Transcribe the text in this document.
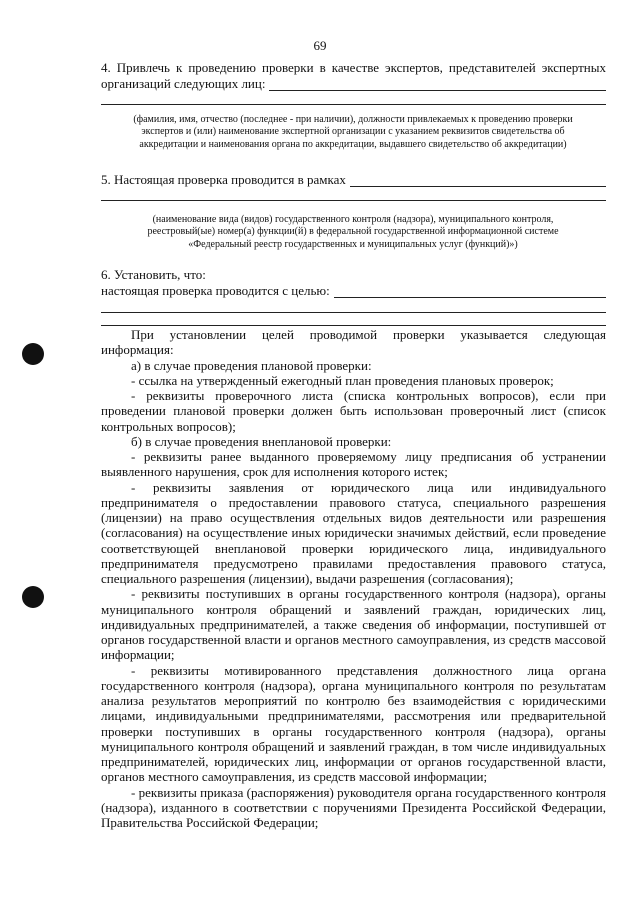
69
4. Привлечь к проведению проверки в качестве экспертов, представителей экспертных
организаций следующих лиц:
(фамилия, имя, отчество (последнее - при наличии), должности привлекаемых к проведению проверки экспертов и (или) наименование экспертной организации с указанием реквизитов свидетельства об аккредитации и наименования органа по аккредитации, выдавшего свидетельство об аккредитации)
5. Настоящая проверка проводится в рамках
(наименование вида (видов) государственного контроля (надзора), муниципального контроля, реестровый(ые) номер(а) функции(й) в федеральной государственной информационной системе «Федеральный реестр государственных и муниципальных услуг (функций)»)
6. Установить, что:
настоящая проверка проводится с целью:

При установлении целей проводимой проверки указывается следующая информация:

а) в случае проведения плановой проверки:

- ссылка на утвержденный ежегодный план проведения плановых проверок;

- реквизиты проверочного листа (списка контрольных вопросов), если при проведении плановой проверки должен быть использован проверочный лист (список контрольных вопросов);

б) в случае проведения внеплановой проверки:

- реквизиты ранее выданного проверяемому лицу предписания об устранении выявленного нарушения, срок для исполнения которого истек;

- реквизиты заявления от юридического лица или индивидуального предпринимателя о предоставлении правового статуса, специального разрешения (лицензии) на право осуществления отдельных видов деятельности или разрешения (согласования) на осуществление иных юридически значимых действий, если проведение соответствующей внеплановой проверки юридического лица, индивидуального предпринимателя предусмотрено правилами предоставления правового статуса, специального разрешения (лицензии), выдачи разрешения (согласования);

- реквизиты поступивших в органы государственного контроля (надзора), органы муниципального контроля обращений и заявлений граждан, юридических лиц, индивидуальных предпринимателей, а также сведения об информации, поступившей от органов государственной власти и органов местного самоуправления, из средств массовой информации;

- реквизиты мотивированного представления должностного лица органа государственного контроля (надзора), органа муниципального контроля по результатам анализа результатов мероприятий по контролю без взаимодействия с юридическими лицами, индивидуальными предпринимателями, рассмотрения или предварительной проверки поступивших в органы государственного контроля (надзора), органы муниципального контроля обращений и заявлений граждан, в том числе индивидуальных предпринимателей, юридических лиц, информации от органов государственной власти, органов местного самоуправления, из средств массовой информации;

- реквизиты приказа (распоряжения) руководителя органа государственного контроля (надзора), изданного в соответствии с поручениями Президента Российской Федерации, Правительства Российской Федерации;
